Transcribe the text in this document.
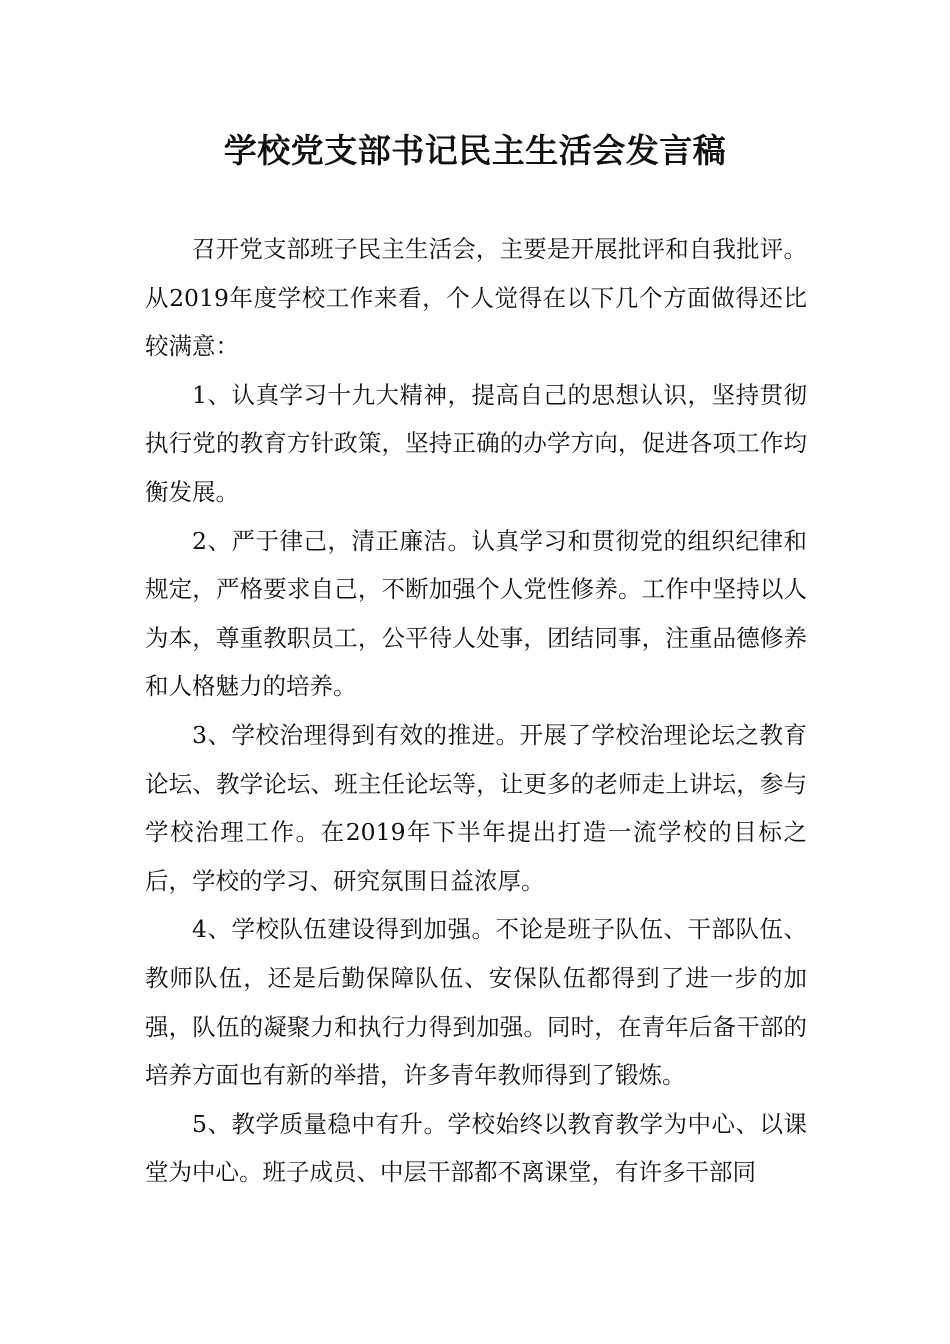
学校党支部书记民主生活会发言稿

召开党支部班子民主生活会，主要是开展批评和自我批评。从2019年度学校工作来看，个人觉得在以下几个方面做得还比较满意：

1、认真学习十九大精神，提高自己的思想认识，坚持贯彻执行党的教育方针政策，坚持正确的办学方向，促进各项工作均衡发展。

2、严于律己，清正廉洁。认真学习和贯彻党的组织纪律和规定，严格要求自己，不断加强个人党性修养。工作中坚持以人为本，尊重教职员工，公平待人处事，团结同事，注重品德修养和人格魅力的培养。

3、学校治理得到有效的推进。开展了学校治理论坛之教育论坛、教学论坛、班主任论坛等，让更多的老师走上讲坛，参与学校治理工作。在2019年下半年提出打造一流学校的目标之后，学校的学习、研究氛围日益浓厚。

4、学校队伍建设得到加强。不论是班子队伍、干部队伍、教师队伍，还是后勤保障队伍、安保队伍都得到了进一步的加强，队伍的凝聚力和执行力得到加强。同时，在青年后备干部的培养方面也有新的举措，许多青年教师得到了锻炼。

5、教学质量稳中有升。学校始终以教育教学为中心、以课堂为中心。班子成员、中层干部都不离课堂，有许多干部同
